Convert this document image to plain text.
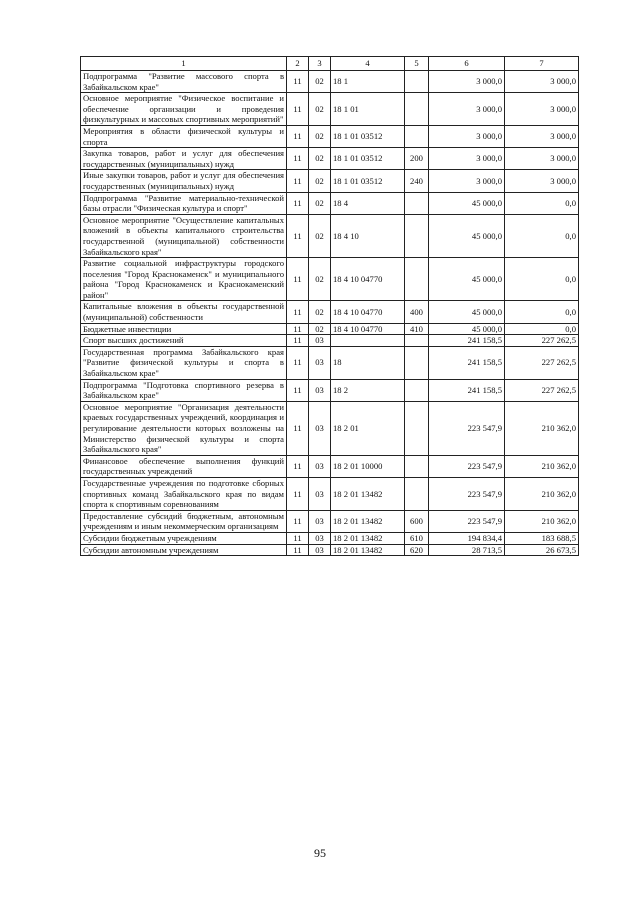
1	2	3	4	5	6	7
Подпрограмма "Развитие массового спорта в Забайкальском крае"	11	02	18 1		3 000,0	3 000,0
Основное мероприятие "Физическое воспитание и обеспечение организации и проведения физкультурных и массовых спортивных мероприятий"	11	02	18 1 01		3 000,0	3 000,0
Мероприятия в области физической культуры и спорта	11	02	18 1 01 03512		3 000,0	3 000,0
Закупка товаров, работ и услуг для обеспечения государственных (муниципальных) нужд	11	02	18 1 01 03512	200	3 000,0	3 000,0
Иные закупки товаров, работ и услуг для обеспечения государственных (муниципальных) нужд	11	02	18 1 01 03512	240	3 000,0	3 000,0
Подпрограмма "Развитие материально-технической базы отрасли "Физическая культура и спорт"	11	02	18 4		45 000,0	0,0
Основное мероприятие "Осуществление капитальных вложений в объекты капитального строительства государственной (муниципальной) собственности Забайкальского края"	11	02	18 4 10		45 000,0	0,0
Развитие социальной инфраструктуры городского поселения "Город Краснокаменск" и муниципального района "Город Краснокаменск и Краснокаменский район"	11	02	18 4 10 04770		45 000,0	0,0
Капитальные вложения в объекты государственной (муниципальной) собственности	11	02	18 4 10 04770	400	45 000,0	0,0
Бюджетные инвестиции	11	02	18 4 10 04770	410	45 000,0	0,0
Спорт высших достижений	11	03			241 158,5	227 262,5
Государственная программа Забайкальского края "Развитие физической культуры и спорта в Забайкальском крае"	11	03	18		241 158,5	227 262,5
Подпрограмма "Подготовка спортивного резерва в Забайкальском крае"	11	03	18 2		241 158,5	227 262,5
Основное мероприятие "Организация деятельности краевых государственных учреждений, координация и регулирование деятельности которых возложены на Министерство физической культуры и спорта Забайкальского края"	11	03	18 2 01		223 547,9	210 362,0
Финансовое обеспечение выполнения функций государственных учреждений	11	03	18 2 01 10000		223 547,9	210 362,0
Государственные учреждения по подготовке сборных спортивных команд Забайкальского края по видам спорта к спортивным соревнованиям	11	03	18 2 01 13482		223 547,9	210 362,0
Предоставление субсидий бюджетным, автономным учреждениям и иным некоммерческим организациям	11	03	18 2 01 13482	600	223 547,9	210 362,0
Субсидии бюджетным учреждениям	11	03	18 2 01 13482	610	194 834,4	183 688,5
Субсидии автономным учреждениям	11	03	18 2 01 13482	620	28 713,5	26 673,5
95
